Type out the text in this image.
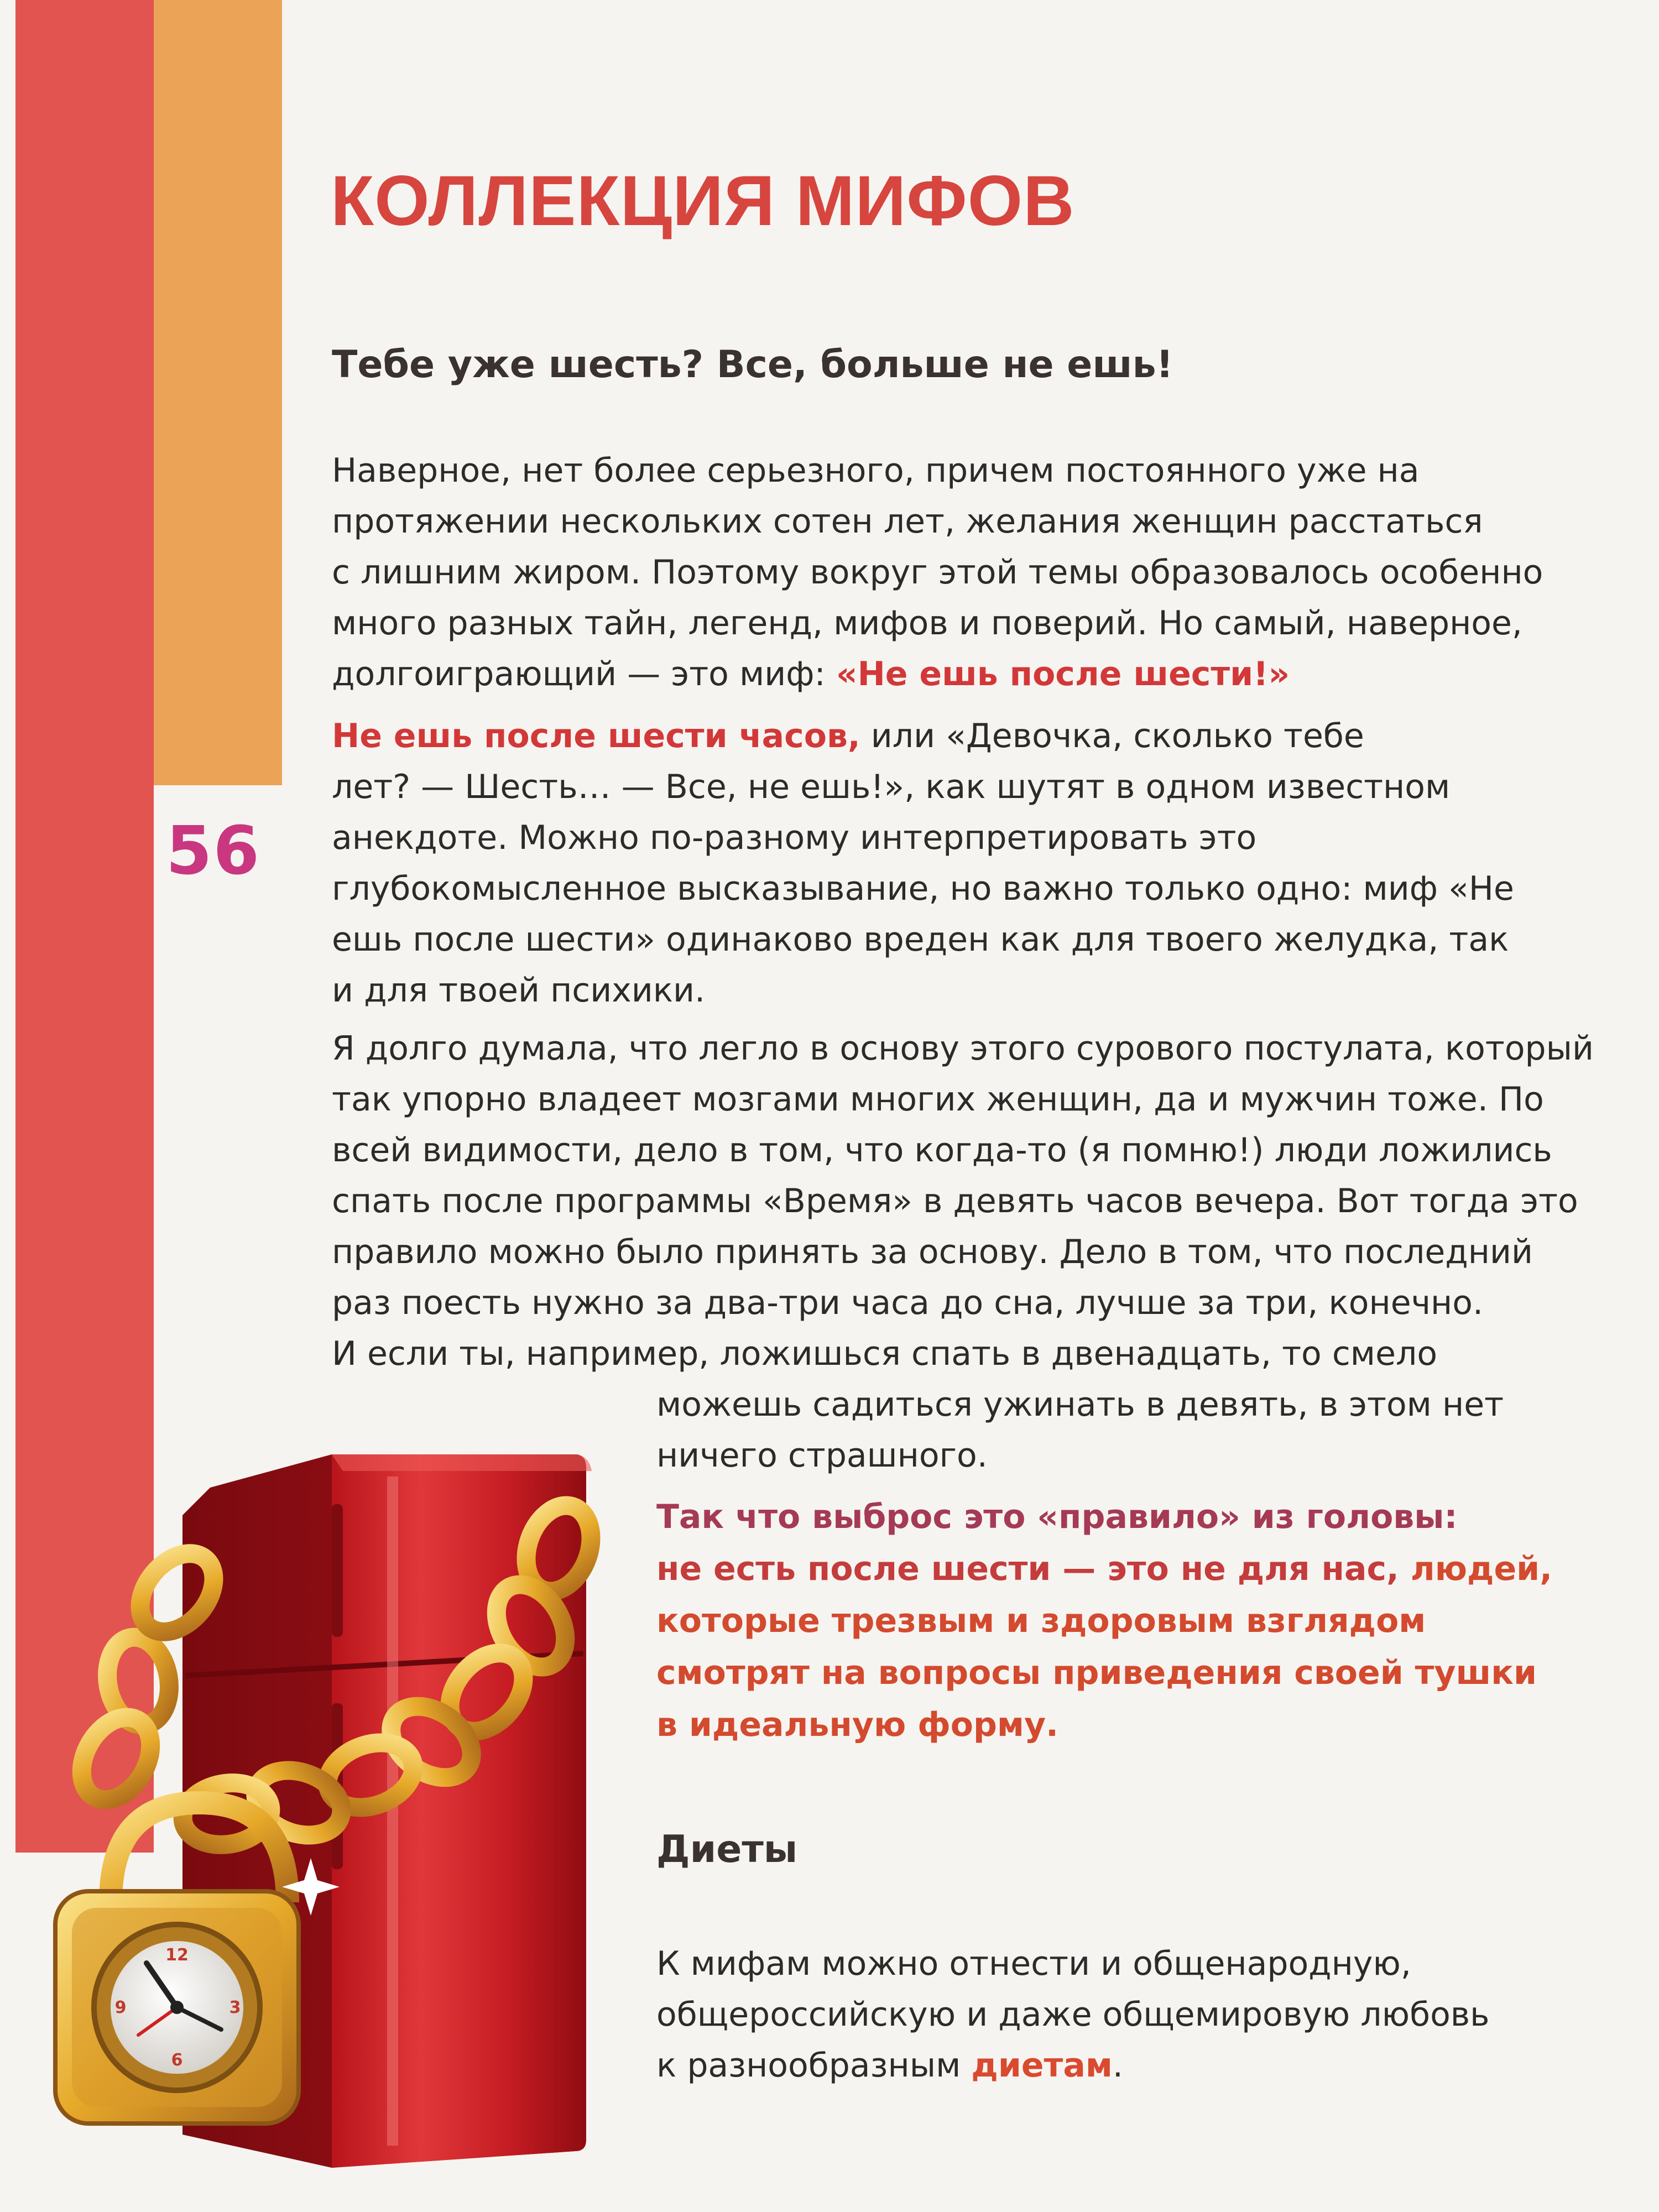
56
КОЛЛЕКЦИЯ МИФОВ
Тебе уже шесть? Все, больше не ешь!
Наверное, нет более серьезного, причем постоянного уже на
протяжении нескольких сотен лет, желания женщин расстаться
с лишним жиром. Поэтому вокруг этой темы образовалось особенно
много разных тайн, легенд, мифов и поверий. Но самый, наверное,
долгоиграющий — это миф: «Не ешь после шести!»
Не ешь после шести часов, или «Девочка, сколько тебе
лет? — Шесть… — Все, не ешь!», как шутят в одном известном
анекдоте. Можно по-разному интерпретировать это
глубокомысленное высказывание, но важно только одно: миф «Не
ешь после шести» одинаково вреден как для твоего желудка, так
и для твоей психики.
Я долго думала, что легло в основу этого сурового постулата, который
так упорно владеет мозгами многих женщин, да и мужчин тоже. По
всей видимости, дело в том, что когда-то (я помню!) люди ложились
спать после программы «Время» в девять часов вечера. Вот тогда это
правило можно было принять за основу. Дело в том, что последний
раз поесть нужно за два-три часа до сна, лучше за три, конечно.
И если ты, например, ложишься спать в двенадцать, то смело
можешь садиться ужинать в девять, в этом нет
ничего страшного.
Так что выброс это «правило» из головы:
не есть после шести — это не для нас, людей,
которые трезвым и здоровым взглядом
смотрят на вопросы приведения своей тушки
в идеальную форму.
Диеты
К мифам можно отнести и общенародную,
общероссийскую и даже общемировую любовь
к разнообразным диетам.
12
3
6
9
